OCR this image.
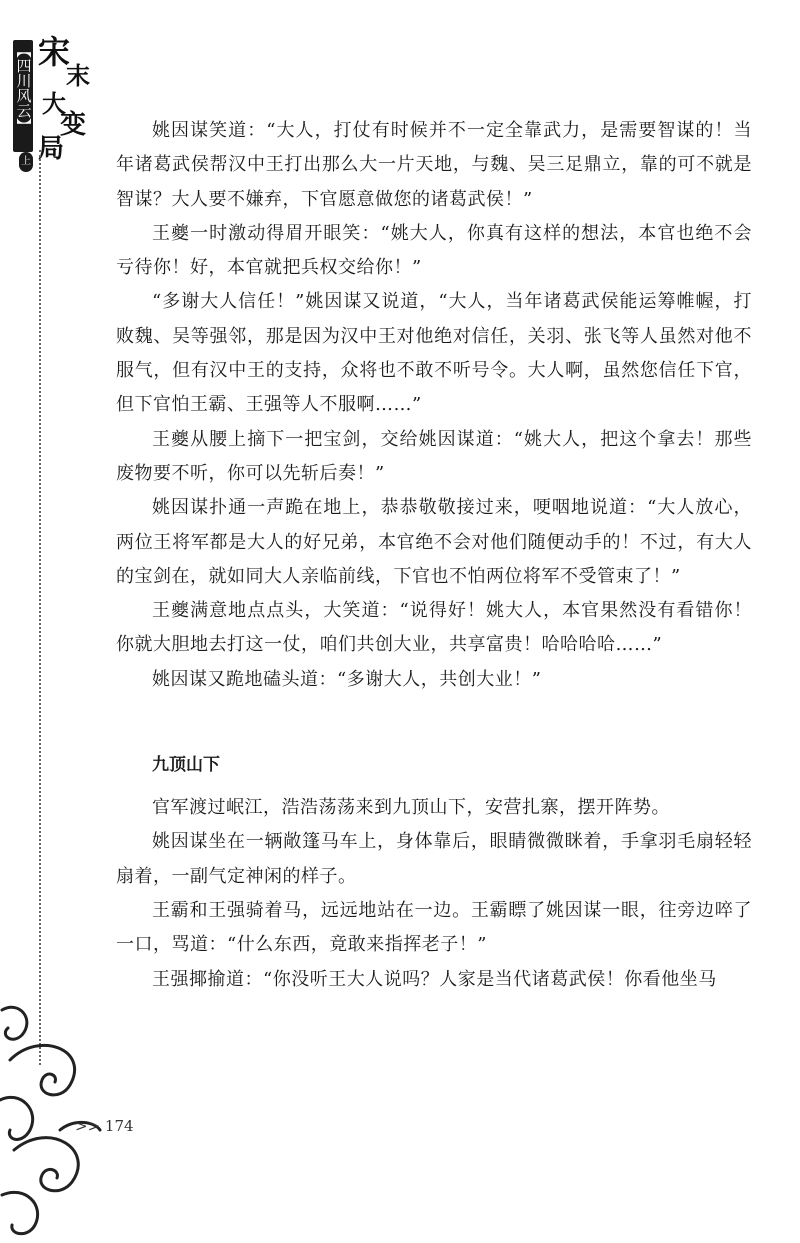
【四川风云】 宋
末
大
变
局
上

姚因谋笑道：“大人，打仗有时候并不一定全靠武力，是需要智谋的！当年诸葛武侯帮汉中王打出那么大一片天地，与魏、吴三足鼎立，靠的可不就是智谋？大人要不嫌弃，下官愿意做您的诸葛武侯！”

王夔一时激动得眉开眼笑：“姚大人，你真有这样的想法，本官也绝不会亏待你！好，本官就把兵权交给你！”

“多谢大人信任！”姚因谋又说道，“大人，当年诸葛武侯能运筹帷幄，打败魏、吴等强邻，那是因为汉中王对他绝对信任，关羽、张飞等人虽然对他不服气，但有汉中王的支持，众将也不敢不听号令。大人啊，虽然您信任下官，但下官怕王霸、王强等人不服啊……”

王夔从腰上摘下一把宝剑，交给姚因谋道：“姚大人，把这个拿去！那些废物要不听，你可以先斩后奏！”

姚因谋扑通一声跪在地上，恭恭敬敬接过来，哽咽地说道：“大人放心，两位王将军都是大人的好兄弟，本官绝不会对他们随便动手的！不过，有大人的宝剑在，就如同大人亲临前线，下官也不怕两位将军不受管束了！”

王夔满意地点点头，大笑道：“说得好！姚大人，本官果然没有看错你！你就大胆地去打这一仗，咱们共创大业，共享富贵！哈哈哈哈……”

姚因谋又跪地磕头道：“多谢大人，共创大业！”

九顶山下

官军渡过岷江，浩浩荡荡来到九顶山下，安营扎寨，摆开阵势。

姚因谋坐在一辆敞篷马车上，身体靠后，眼睛微微眯着，手拿羽毛扇轻轻扇着，一副气定神闲的样子。

王霸和王强骑着马，远远地站在一边。王霸瞟了姚因谋一眼，往旁边啐了一口，骂道：“什么东西，竟敢来指挥老子！”

王强揶揄道：“你没听王大人说吗？人家是当代诸葛武侯！你看他坐马

>> 174
